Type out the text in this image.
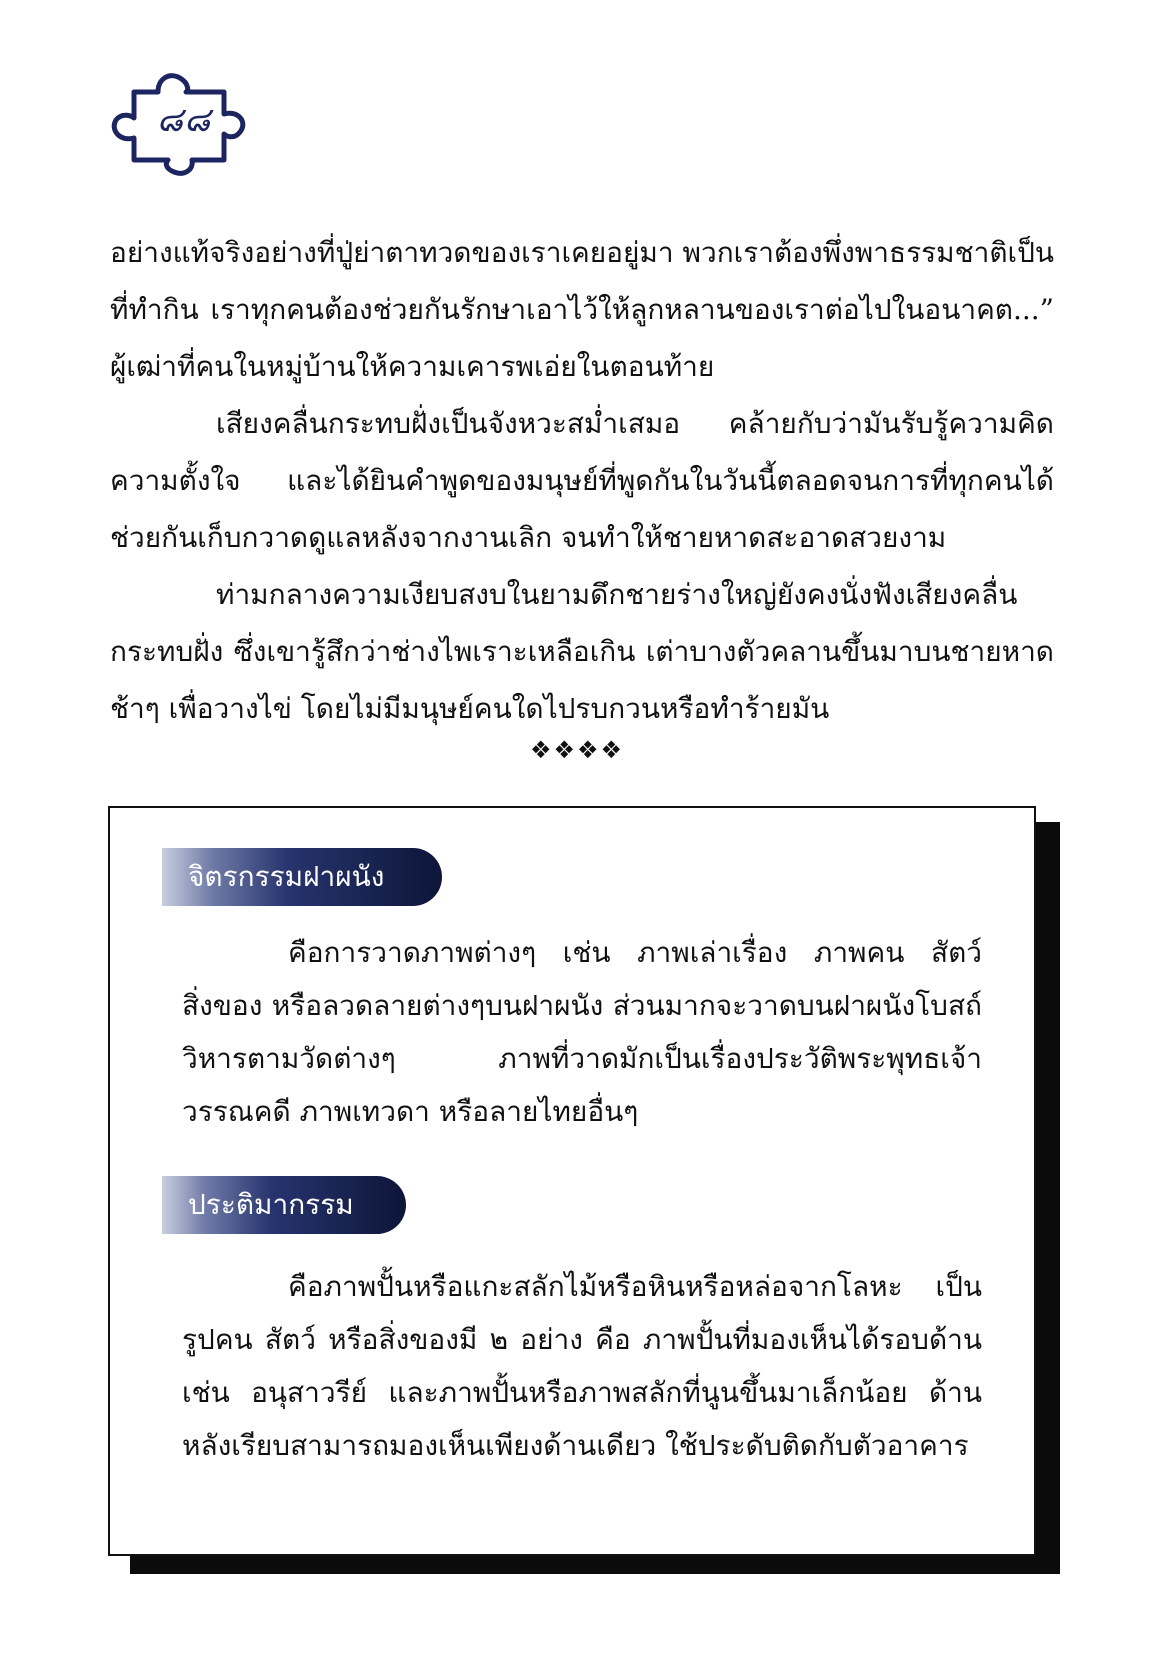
๘๘

อย่างแท้จริงอย่างที่ปู่ย่าตาทวดของเราเคยอยู่มา พวกเราต้องพึ่งพาธรรมชาติเป็นที่ทำกิน เราทุกคนต้องช่วยกันรักษาเอาไว้ให้ลูกหลานของเราต่อไปในอนาคต...” ผู้เฒ่าที่คนในหมู่บ้านให้ความเคารพเอ่ยในตอนท้าย

เสียงคลื่นกระทบฝั่งเป็นจังหวะสม่ำเสมอ คล้ายกับว่ามันรับรู้ความคิด ความตั้งใจ และได้ยินคำพูดของมนุษย์ที่พูดกันในวันนี้ตลอดจนการที่ทุกคนได้ช่วยกันเก็บกวาดดูแลหลังจากงานเลิก จนทำให้ชายหาดสะอาดสวยงาม

ท่ามกลางความเงียบสงบในยามดึกชายร่างใหญ่ยังคงนั่งฟังเสียงคลื่นกระทบฝั่ง ซึ่งเขารู้สึกว่าช่างไพเราะเหลือเกิน เต่าบางตัวคลานขึ้นมาบนชายหาดช้าๆ เพื่อวางไข่ โดยไม่มีมนุษย์คนใดไปรบกวนหรือทำร้ายมัน

❖❖❖❖
จิตรกรรมฝาผนัง

คือการวาดภาพต่างๆ เช่น ภาพเล่าเรื่อง ภาพคน สัตว์ สิ่งของ หรือลวดลายต่างๆบนฝาผนัง ส่วนมากจะวาดบนฝาผนังโบสถ์ วิหารตามวัดต่างๆ ภาพที่วาดมักเป็นเรื่องประวัติพระพุทธเจ้า วรรณคดี ภาพเทวดา หรือลายไทยอื่นๆ

ประติมากรรม

คือภาพปั้นหรือแกะสลักไม้หรือหินหรือหล่อจากโลหะ เป็นรูปคน สัตว์ หรือสิ่งของมี ๒ อย่าง คือ ภาพปั้นที่มองเห็นได้รอบด้าน เช่น อนุสาวรีย์ และภาพปั้นหรือภาพสลักที่นูนขึ้นมาเล็กน้อย ด้านหลังเรียบสามารถมองเห็นเพียงด้านเดียว ใช้ประดับติดกับตัวอาคาร
